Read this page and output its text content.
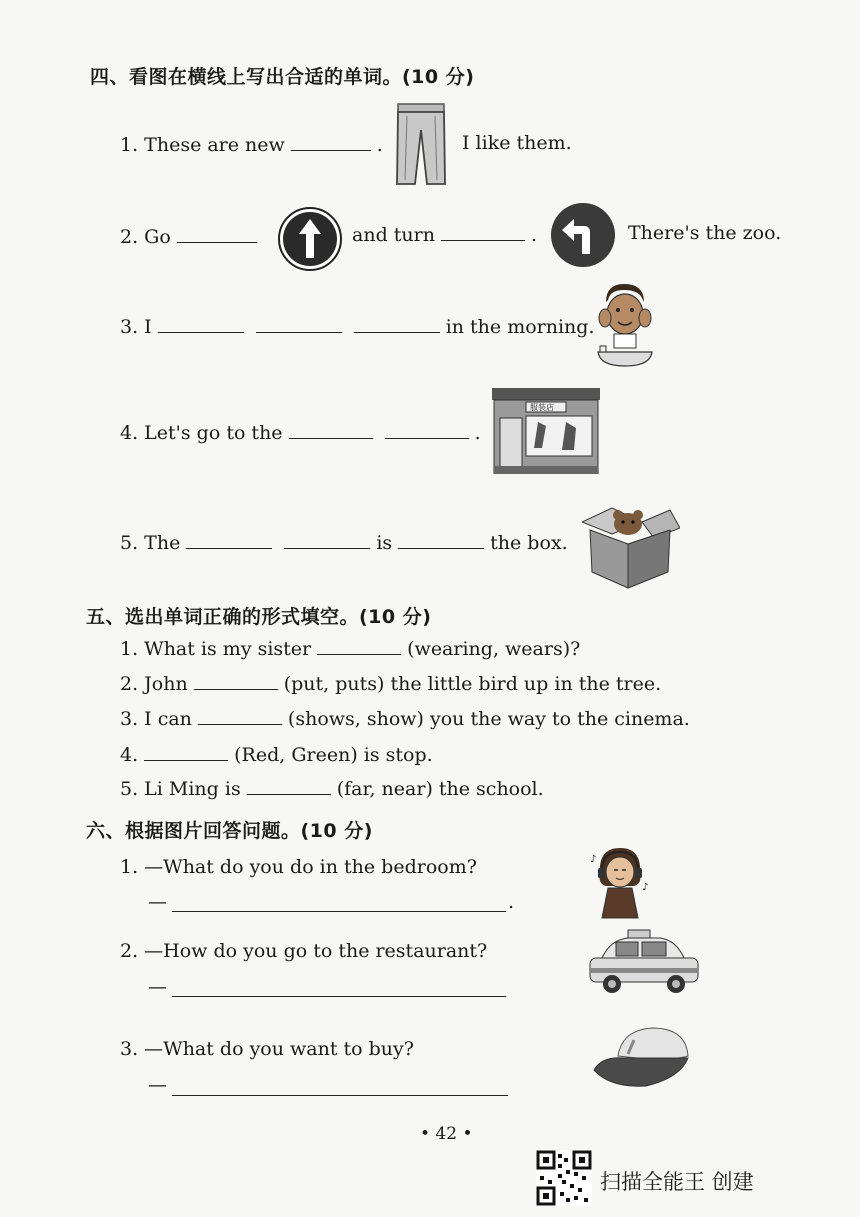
四、看图在横线上写出合适的单词。(10 分)
1. These are new	.	I like them.
2. Go	and turn	.	There's the zoo.
3. I	in the morning.
4. Let's go to the	.
服装店
5. The	is	the box.
五、选出单词正确的形式填空。(10 分)
1. What is my sister	(wearing, wears)?
2. John	(put, puts) the little bird up in the tree.
3. I can	(shows, show) you the way to the cinema.
4.	(Red, Green) is stop.
5. Li Ming is	(far, near) the school.
六、根据图片回答问题。(10 分)
1. —What do you do in the bedroom?
—	.
♪
♪
2. —How do you go to the restaurant?
—
3. —What do you want to buy?
—
• 42 •
扫描全能王 创建
